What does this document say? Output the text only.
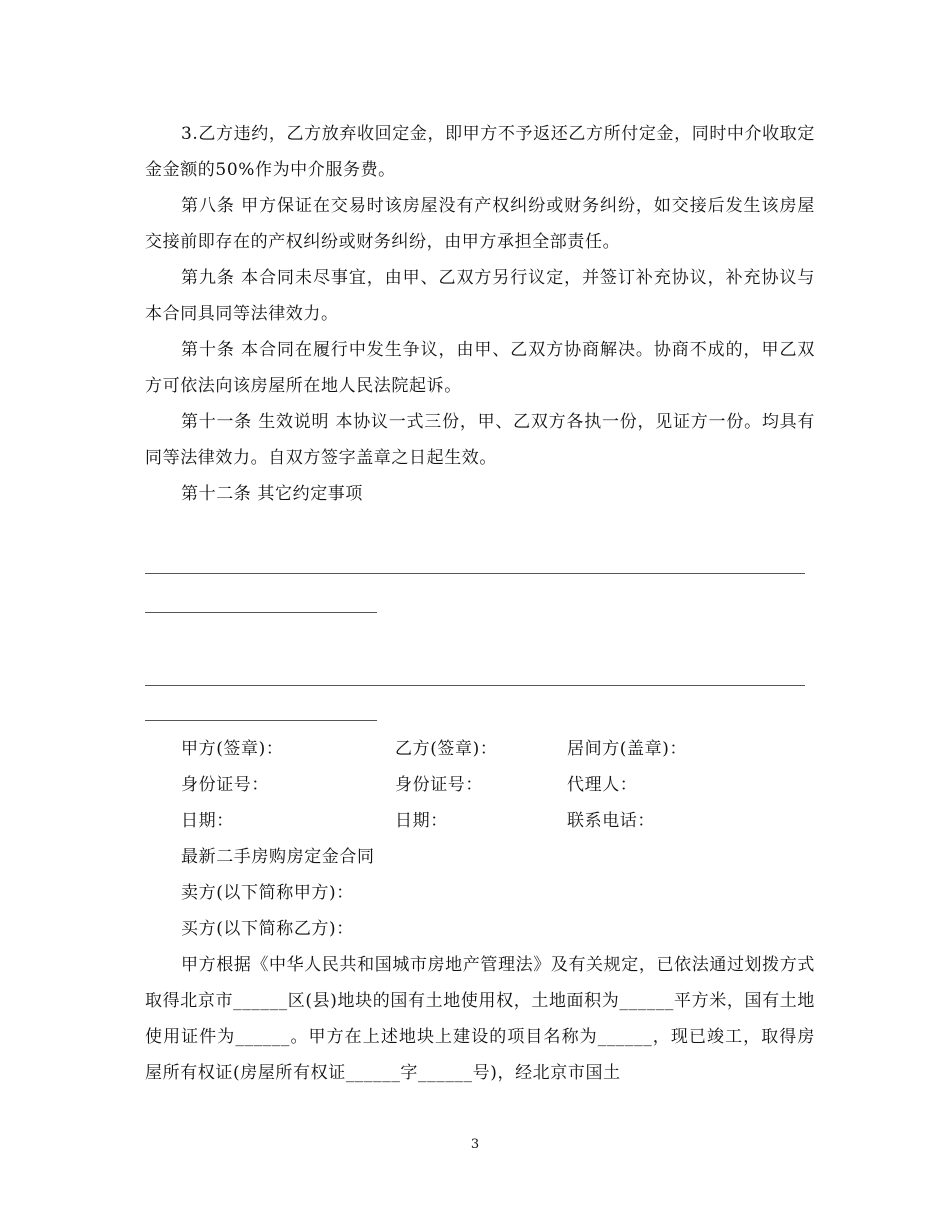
3.乙方违约，乙方放弃收回定金，即甲方不予返还乙方所付定金，同时中介收取定金金额的50%作为中介服务费。

第八条 甲方保证在交易时该房屋没有产权纠纷或财务纠纷，如交接后发生该房屋交接前即存在的产权纠纷或财务纠纷，由甲方承担全部责任。

第九条 本合同未尽事宜，由甲、乙双方另行议定，并签订补充协议，补充协议与本合同具同等法律效力。

第十条 本合同在履行中发生争议，由甲、乙双方协商解决。协商不成的，甲乙双方可依法向该房屋所在地人民法院起诉。

第十一条 生效说明 本协议一式三份，甲、乙双方各执一份，见证方一份。均具有同等法律效力。自双方签字盖章之日起生效。

第十二条 其它约定事项

甲方(签章)：	乙方(签章)：	居间方(盖章)：
身份证号：	身份证号：	代理人：
日期：	日期：	联系电话：
最新二手房购房定金合同
卖方(以下简称甲方)：
买方(以下简称乙方)：

甲方根据《中华人民共和国城市房地产管理法》及有关规定，已依法通过划拨方式取得北京市______区(县)地块的国有土地使用权，土地面积为______平方米，国有土地使用证件为______。甲方在上述地块上建设的项目名称为______，现已竣工，取得房屋所有权证(房屋所有权证______字______号)，经北京市国土

3
